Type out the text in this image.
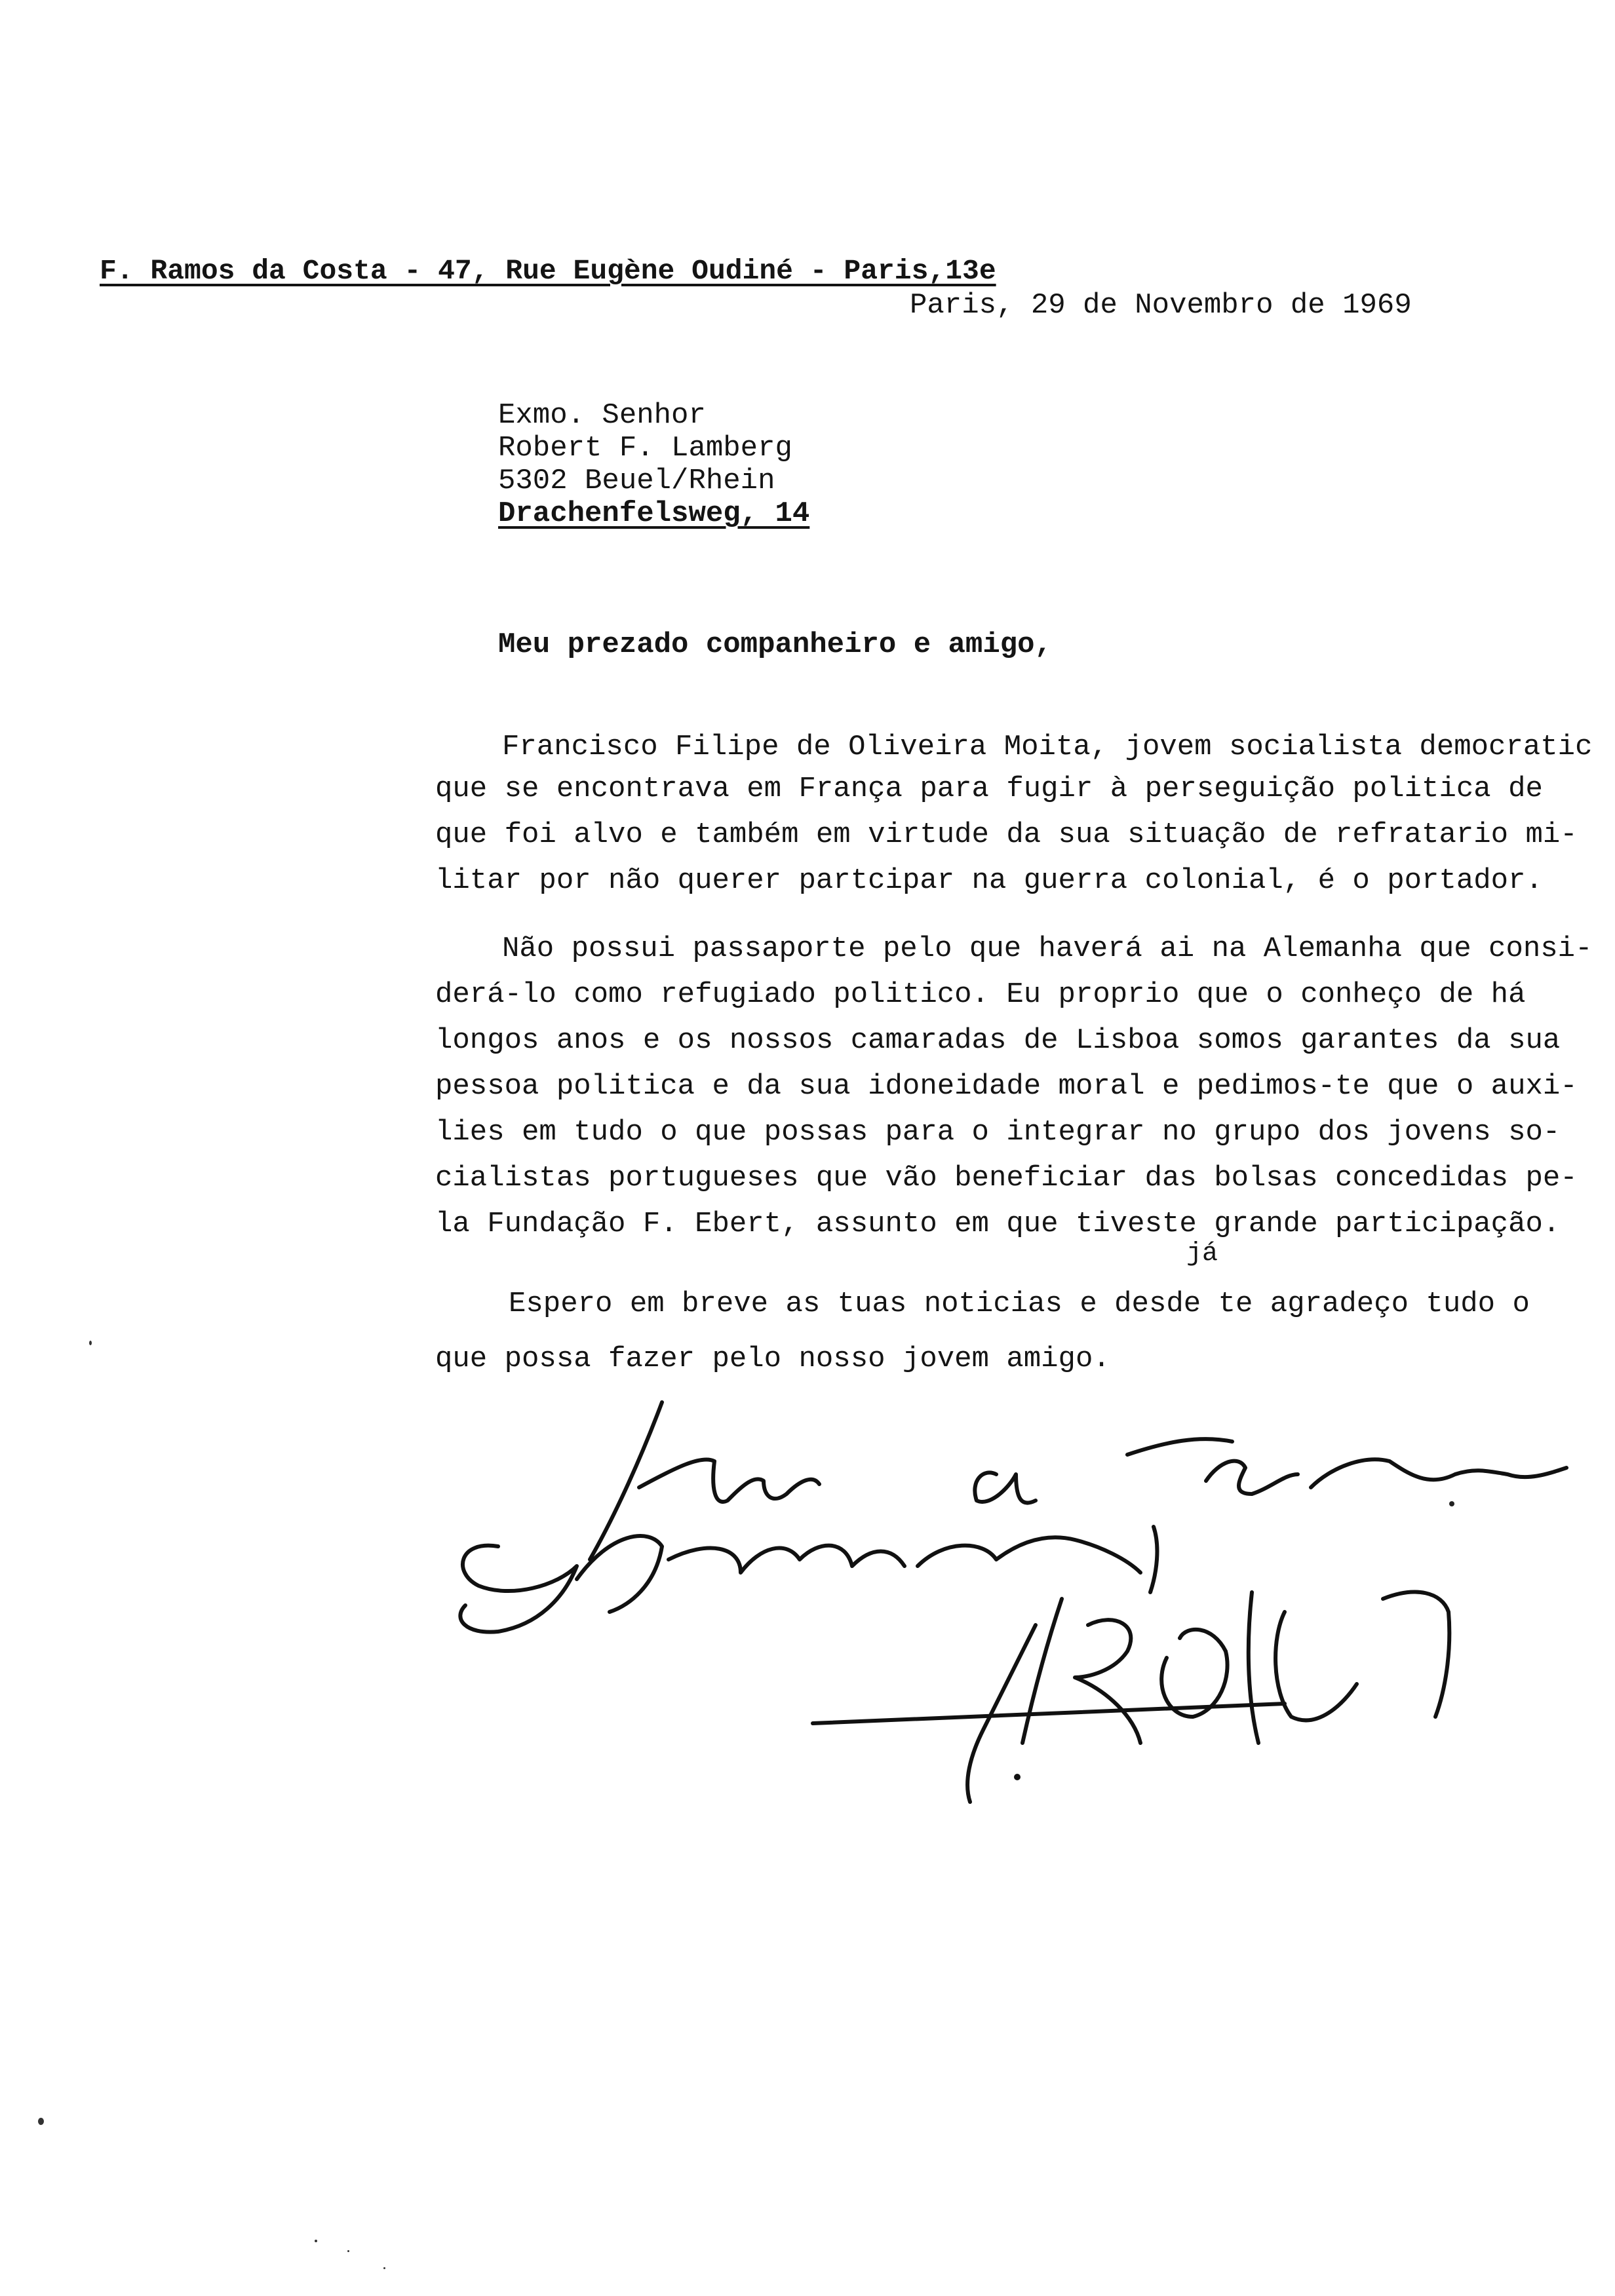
F. Ramos da Costa - 47, Rue Eugène Oudiné - Paris,13e
Paris, 29 de Novembro de 1969
Exmo. Senhor
Robert F. Lamberg
5302 Beuel/Rhein
Drachenfelsweg, 14
Meu prezado companheiro e amigo,
Francisco Filipe de Oliveira Moita, jovem socialista democratic
que se encontrava em França para fugir à perseguição politica de
que foi alvo e também em virtude da sua situação de refratario mi-
litar por não querer partcipar na guerra colonial, é o portador.
Não possui passaporte pelo que haverá ai na Alemanha que consi-
derá-lo como refugiado politico. Eu proprio que o conheço de há
longos anos e os nossos camaradas de Lisboa somos garantes da sua
pessoa politica e da sua idoneidade moral e pedimos-te que o auxi-
lies em tudo o que possas para o integrar no grupo dos jovens so-
cialistas portugueses que vão beneficiar das bolsas concedidas pe-
la Fundação F. Ebert, assunto em que tiveste grande participação.
já
Espero em breve as tuas noticias e desde te agradeço tudo o
que possa fazer pelo nosso jovem amigo.
